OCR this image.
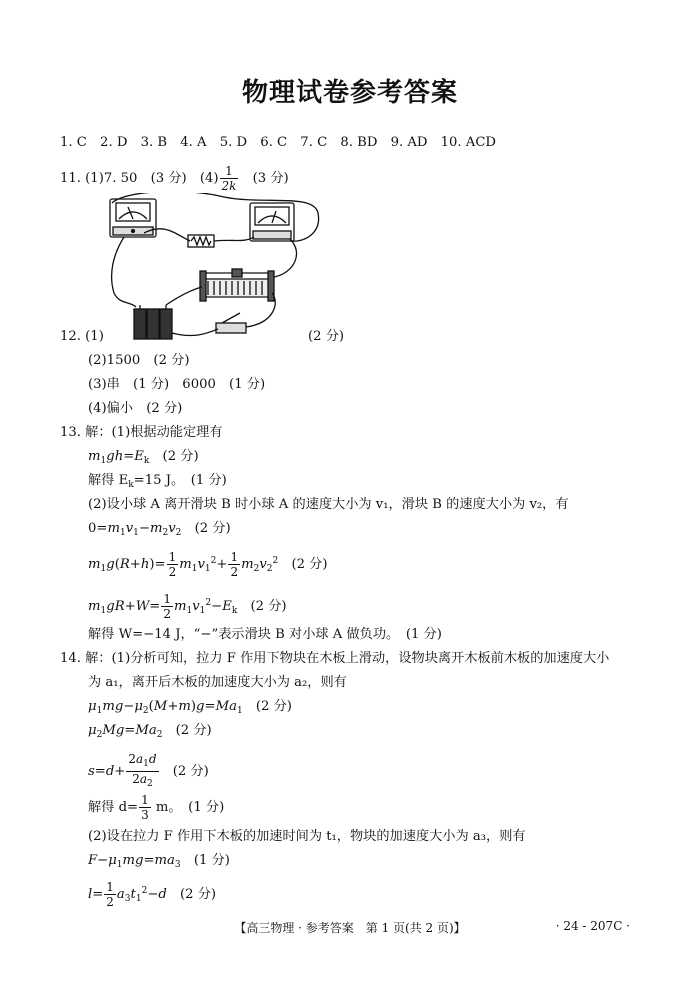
物理试卷参考答案
1. C　2. D　3. B　4. A　5. D　6. C　7. C　8. BD　9. AD　10. ACD
11. (1)7. 50　(3 分)　$(4) \frac{1}{2k}$ 　(3 分)
12. (1)	(2 分)
(2)1500　(2 分)
(3)串　(1 分)　6000　(1 分)
(4)偏小　(2 分)
13. 解：(1)根据动能定理有
$m_1gh=E_k$　 (2 分)
解得 $E_k=15$ J。　(1 分)
(2)设小球 A 离开滑块 B 时小球 A 的速度大小为 v₁，滑块 B 的速度大小为 v₂，有
$0=m_1v_1-m_2v_2$　 (2 分)
$m_1g(R+h)= \frac{1}{2} m_1v_1^2+ \frac{1}{2} m_2v_2^2$　 (2 分)
$m_1gR+W= \frac{1}{2} m_1v_1^2-E_k$　 (2 分)
解得 W=−14 J，“−”表示滑块 B 对小球 A 做负功。　(1 分)
14. 解：(1)分析可知，拉力 F 作用下物块在木板上滑动，设物块离开木板前木板的加速度大小
为 a₁，离开后木板的加速度大小为 a₂，则有
$\mu_1mg-\mu_2(M+m)g=Ma_1$　 (2 分)
$\mu_2Mg=Ma_2$　 (2 分)
$s=d+ \frac{2a_1d}{2a_2}$
　 (2 分)
解得 $d= \frac{1}{3}$ m。　(1 分)
(2)设在拉力 F 作用下木板的加速时间为 t₁，物块的加速度大小为 a₃，则有
$F-\mu_1mg=ma_3$　 (1 分)
$l= \frac{1}{2} a_3t_1^2-d$　 (2 分)
【高三物理 · 参考答案　第 1 页(共 2 页)】	· 24 - 207C ·
